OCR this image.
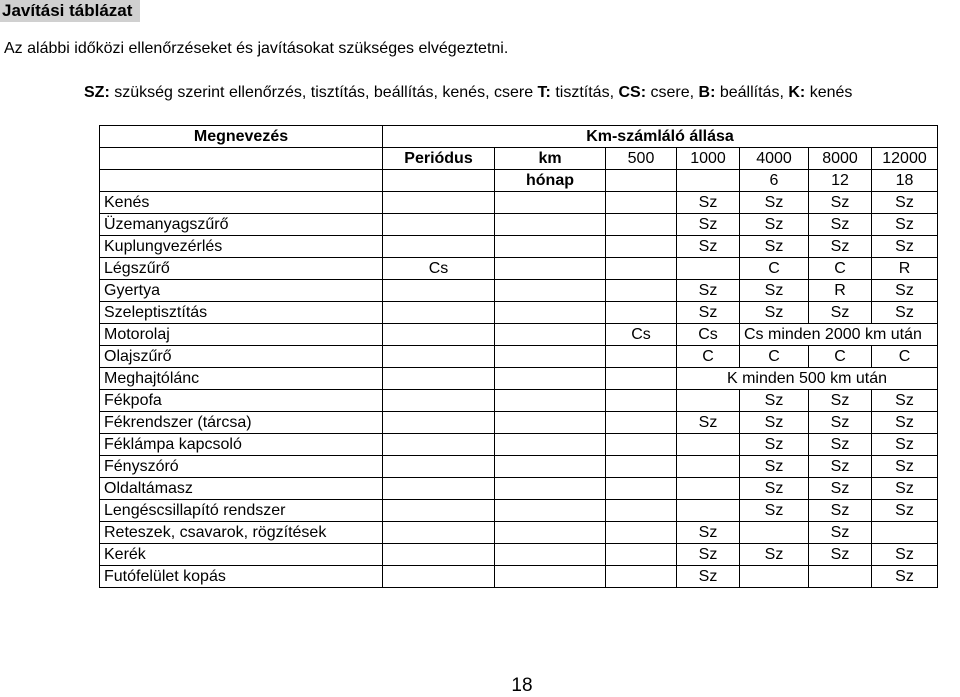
Javítási táblázat
Az alábbi időközi ellenőrzéseket és javításokat szükséges elvégeztetni.
SZ: szükség szerint ellenőrzés, tisztítás, beállítás, kenés, csere T: tisztítás, CS: csere, B: beállítás, K: kenés
Megnevezés	Km-számláló állása						
	Periódus	km	500	1000	4000	8000	12000
		hónap			6	12	18
Kenés				Sz	Sz	Sz	Sz
Üzemanyagszűrő				Sz	Sz	Sz	Sz
Kuplungvezérlés				Sz	Sz	Sz	Sz
Légszűrő	Cs				C	C	R
Gyertya				Sz	Sz	R	Sz
Szeleptisztítás				Sz	Sz	Sz	Sz
Motorolaj			Cs	Cs	Cs minden 2000 km után		
Olajszűrő				C	C	C	C
Meghajtólánc				K minden 500 km után			
Fékpofa					Sz	Sz	Sz
Fékrendszer (tárcsa)				Sz	Sz	Sz	Sz
Féklámpa kapcsoló					Sz	Sz	Sz
Fényszóró					Sz	Sz	Sz
Oldaltámasz					Sz	Sz	Sz
Lengéscsillapító rendszer					Sz	Sz	Sz
Reteszek, csavarok, rögzítések				Sz		Sz	
Kerék				Sz	Sz	Sz	Sz
Futófelület kopás				Sz			Sz
18
